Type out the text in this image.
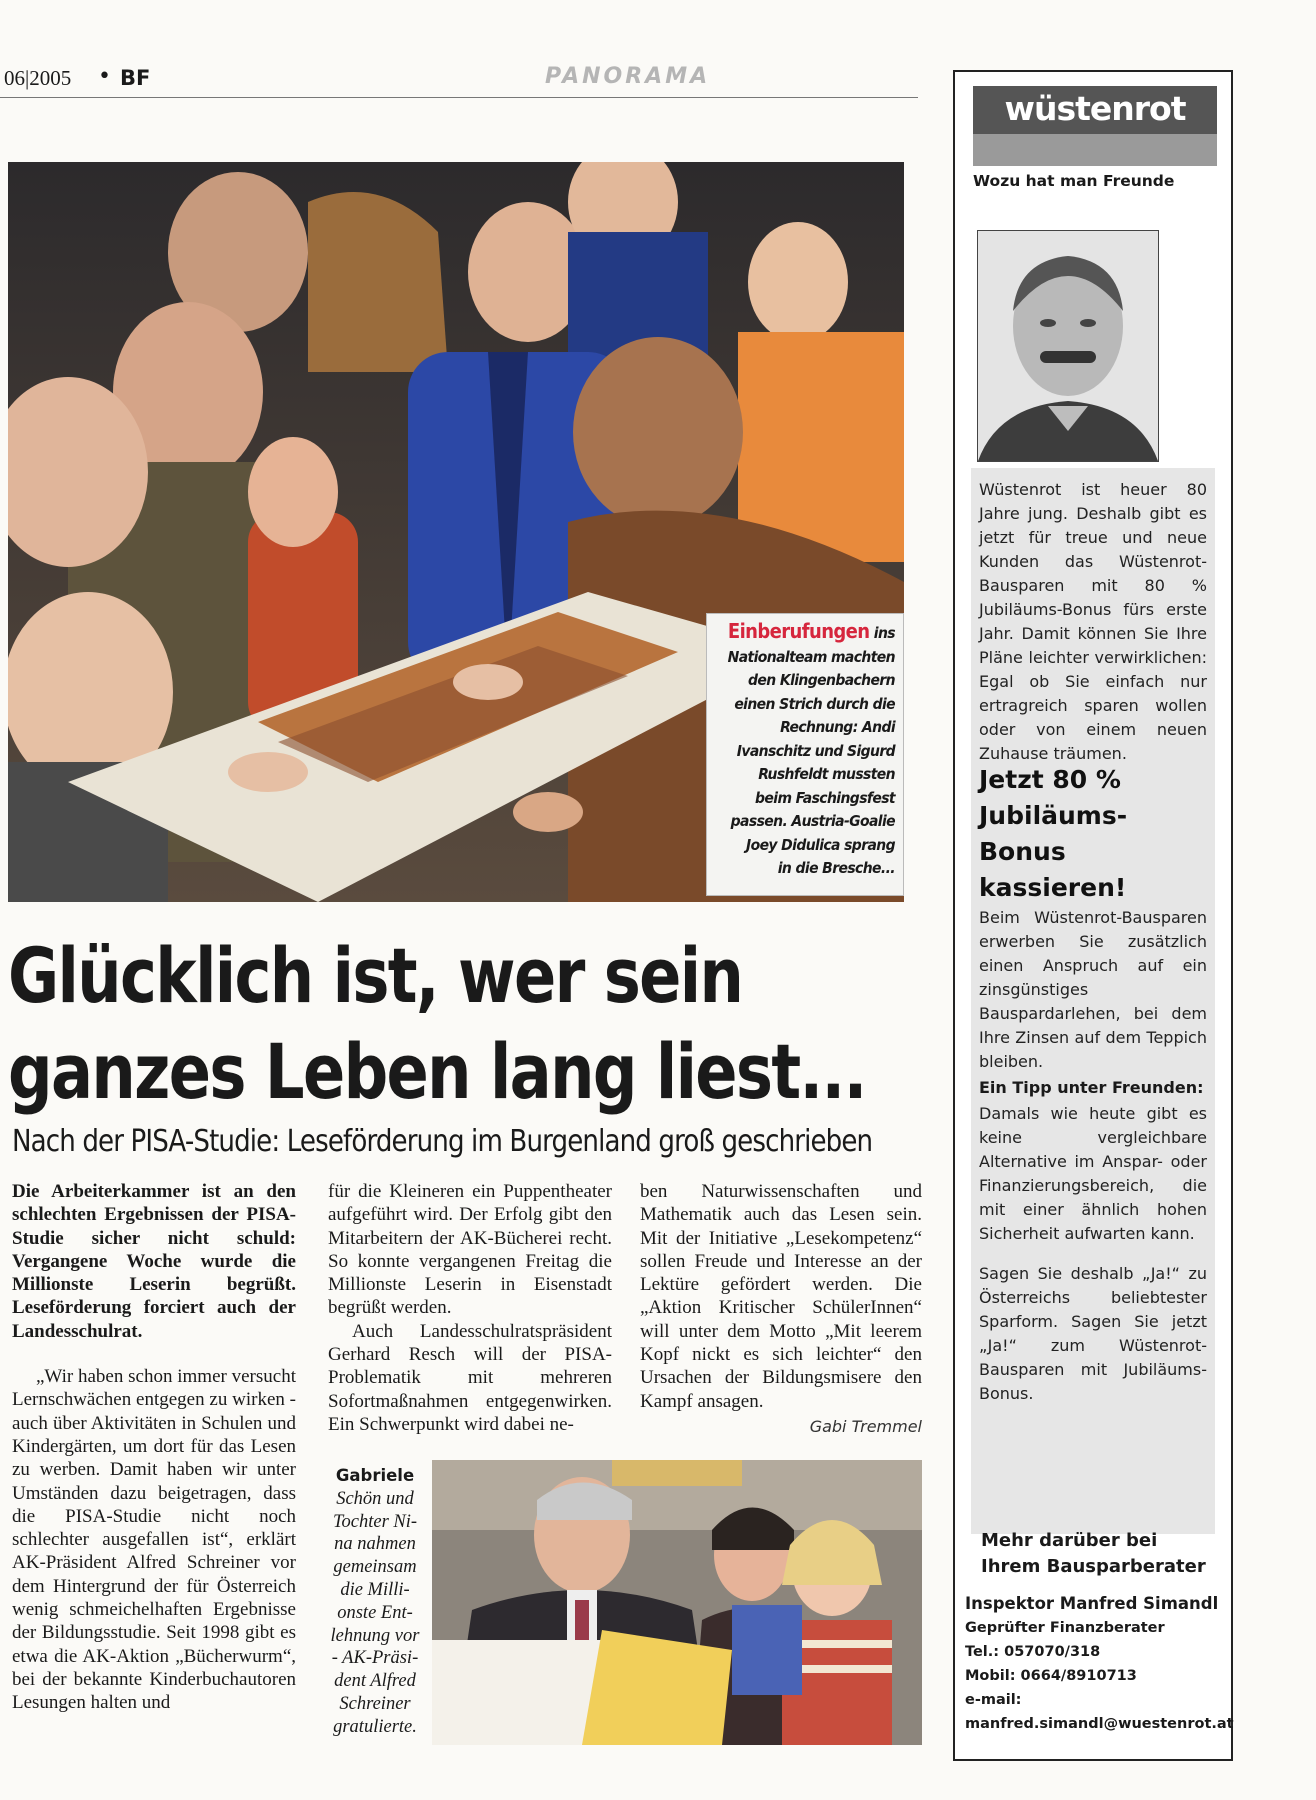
06|2005 • BF	PANORAMA
Einberufungen ins
Nationalteam machten
den Klingenbachern
einen Strich durch die
Rechnung: Andi
Ivanschitz und Sigurd
Rushfeldt mussten
beim Faschingsfest
passen. Austria-Goalie
Joey Didulica sprang
in die Bresche...
Glücklich ist, wer sein
ganzes Leben lang liest...
Nach der PISA-Studie: Leseförderung im Burgenland groß geschrieben

Die Arbeiterkammer ist an den schlechten Ergebnissen der PISA-Studie sicher nicht schuld: Vergangene Woche wurde die Millionste Leserin begrüßt. Leseförderung forciert auch der Landesschulrat.

„Wir haben schon immer versucht Lernschwächen entgegen zu wirken - auch über Aktivitäten in Schulen und Kindergärten, um dort für das Lesen zu werben. Damit haben wir unter Umständen dazu beigetragen, dass die PISA-Studie nicht noch schlechter ausgefallen ist“, erklärt AK-Präsident Alfred Schreiner vor dem Hintergrund der für Österreich wenig schmeichelhaften Ergebnisse der Bildungsstudie. Seit 1998 gibt es etwa die AK-Aktion „Bücherwurm“, bei der bekannte Kinderbuchautoren Lesungen halten und

für die Kleineren ein Puppentheater aufgeführt wird. Der Erfolg gibt den Mitarbeitern der AK-Bücherei recht. So konnte vergangenen Freitag die Millionste Leserin in Eisenstadt begrüßt werden.

Auch Landesschulratspräsident Gerhard Resch will der PISA-Problematik mit mehreren Sofortmaßnahmen entgegenwirken. Ein Schwerpunkt wird dabei ne-

ben Naturwissenschaften und Mathematik auch das Lesen sein. Mit der Initiative „Lesekompetenz“ sollen Freude und Interesse an der Lektüre gefördert werden. Die „Aktion Kritischer SchülerInnen“ will unter dem Motto „Mit leerem Kopf nickt es sich leichter“ den Ursachen der Bildungsmisere den Kampf ansagen.

Gabi Tremmel
Gabriele
Schön und
Tochter Ni-
na nahmen
gemeinsam
die Milli-
onste Ent-
lehnung vor
- AK-Präsi-
dent Alfred
Schreiner
gratulierte.
wüstenrot
Wozu hat man Freunde
Wüstenrot ist heuer 80 Jahre jung. Deshalb gibt es jetzt für treue und neue Kunden das Wüstenrot-Bausparen mit 80 % Jubiläums-Bonus fürs erste Jahr. Damit können Sie Ihre Pläne leichter verwirklichen: Egal ob Sie einfach nur ertragreich sparen wollen oder von einem neuen Zuhause träumen.
Jetzt 80 % Jubiläums-Bonus kassieren!
Beim Wüstenrot-Bausparen erwerben Sie zusätzlich einen Anspruch auf ein zinsgünstiges Bauspardarlehen, bei dem Ihre Zinsen auf dem Teppich bleiben.
Ein Tipp unter Freunden:
Damals wie heute gibt es keine vergleichbare Alternative im Anspar- oder Finanzierungsbereich, die mit einer ähnlich hohen Sicherheit aufwarten kann.
Sagen Sie deshalb „Ja!“ zu Österreichs beliebtester Sparform. Sagen Sie jetzt „Ja!“ zum Wüstenrot-Bausparen mit Jubiläums-Bonus.
Mehr darüber bei Ihrem Bausparberater
Inspektor Manfred Simandl
Geprüfter Finanzberater
Tel.: 057070/318
Mobil: 0664/8910713
e-mail:
manfred.simandl@wuestenrot.at
